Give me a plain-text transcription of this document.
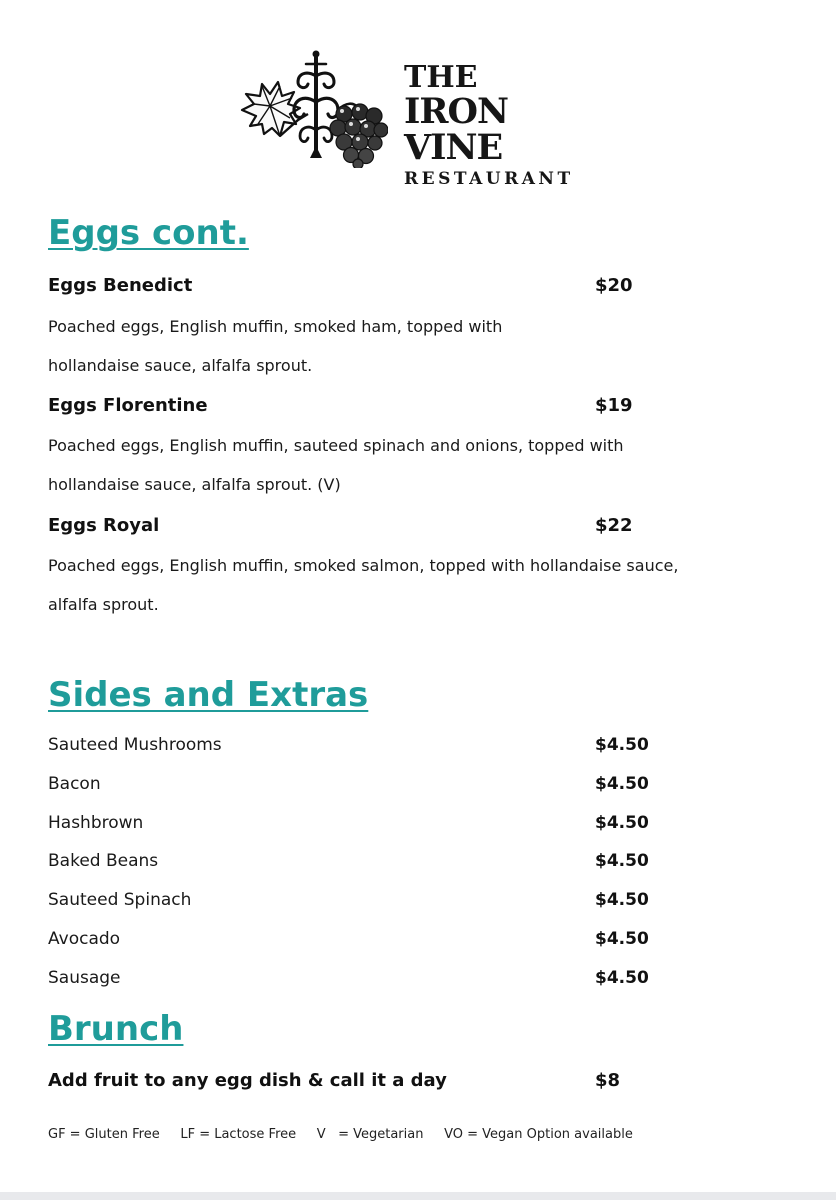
THE
IRON VINE
RESTAURANT
Eggs cont.
Eggs Benedict	$20
Poached eggs, English muffin, smoked ham, topped with
hollandaise sauce, alfalfa sprout.
Eggs Florentine	$19
Poached eggs, English muffin, sauteed spinach and onions, topped with
hollandaise sauce, alfalfa sprout. (V)
Eggs Royal	$22
Poached eggs, English muffin, smoked salmon, topped with hollandaise sauce,
alfalfa sprout.
Sides and Extras
Sauteed Mushrooms	$4.50
Bacon	$4.50
Hashbrown	$4.50
Baked Beans	$4.50
Sauteed Spinach	$4.50
Avocado	$4.50
Sausage	$4.50
Brunch
Add fruit to any egg dish & call it a day	$8
GF = Gluten Free     LF = Lactose Free     V   = Vegetarian     VO = Vegan Option available
